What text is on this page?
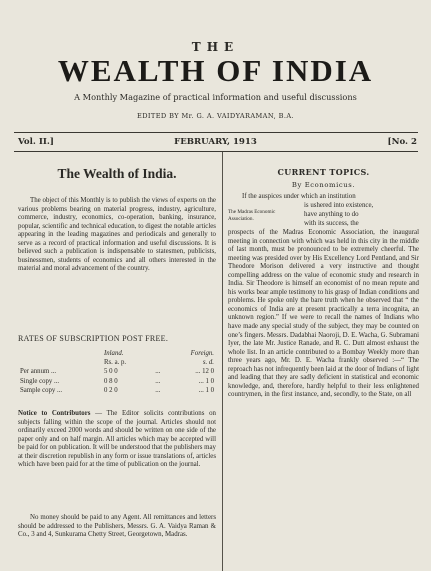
THE
WEALTH OF INDIA
A Monthly Magazine of practical information and useful discussions
EDITED BY Mr. G. A. VAIDYARAMAN, B.A.
Vol. II.]	FEBRUARY, 1913	[No. 2
The Wealth of India.
The object of this Monthly is to publish the views of experts on the various problems bearing on material progress, industry, agriculture, commerce, industry, economics, co-operation, banking, insurance, popular, scientific and technical education, to digest the notable articles appearing in the leading magazines and periodicals and generally to serve as a record of practical information and useful discussions. It is believed such a publication is indispensable to statesmen, publicists, businessmen, students of economics and all others interested in the material and moral advancement of the country.
RATES OF SUBSCRIPTION POST FREE.
	Inland.		Foreign.
	Rs. a. p.		s. d.
Per annum ...	5 0 0	...	... 12 0
Single copy ...	0 8 0	...	... 1 0
Sample copy ...	0 2 0	...	... 1 0
Notice to Contributors — The Editor solicits contributions on subjects falling within the scope of the journal. Articles should not ordinarily exceed 2000 words and should be written on one side of the paper only and on half margin. All articles which may be accepted will be paid for on publication. It will be understood that the publishers may at their discretion republish in any form or issue translations of, articles which have been paid for at the time of publication on the journal.
No money should be paid to any Agent. All remittances and letters should be addressed to the Publishers, Messrs. G. A. Vaidya Raman & Co., 3 and 4, Sunkurama Chetty Street, Georgetown, Madras.
CURRENT TOPICS.
By Economicus.
The Madras Economic Association.
If the auspices under which an institution
is ushered into existence,
have anything to do
with its success, the
prospects of the Madras Economic Association, the inaugural meeting in connection with which was held in this city in the middle of last month, must be pronounced to be extremely cheerful. The meeting was presided over by His Excellency Lord Pentland, and Sir Theodore Morison delivered a very instructive and thought compelling address on the value of economic study and research in India. Sir Theodore is himself an economist of no mean repute and his works bear ample testimony to his grasp of Indian conditions and problems. He spoke only the bare truth when he observed that “ the economics of India are at present practically a terra incognita, an unknown region.” If we were to recall the names of Indians who have made any special study of the subject, they may be counted on one’s fingers. Messrs. Dadabhai Naoroji, D. E. Wacha, G. Subramani Iyer, the late Mr. Justice Ranade, and R. C. Dutt almost exhaust the whole list. In an article contributed to a Bombay Weekly more than three years ago, Mr. D. E. Wacha frankly observed :—“ The reproach has not infrequently been laid at the door of Indians of light and leading that they are sadly deficient in statistical and economic knowledge, and, therefore, hardly helpful to their less enlightened countrymen, in the first instance, and, secondly, to the State, on all
